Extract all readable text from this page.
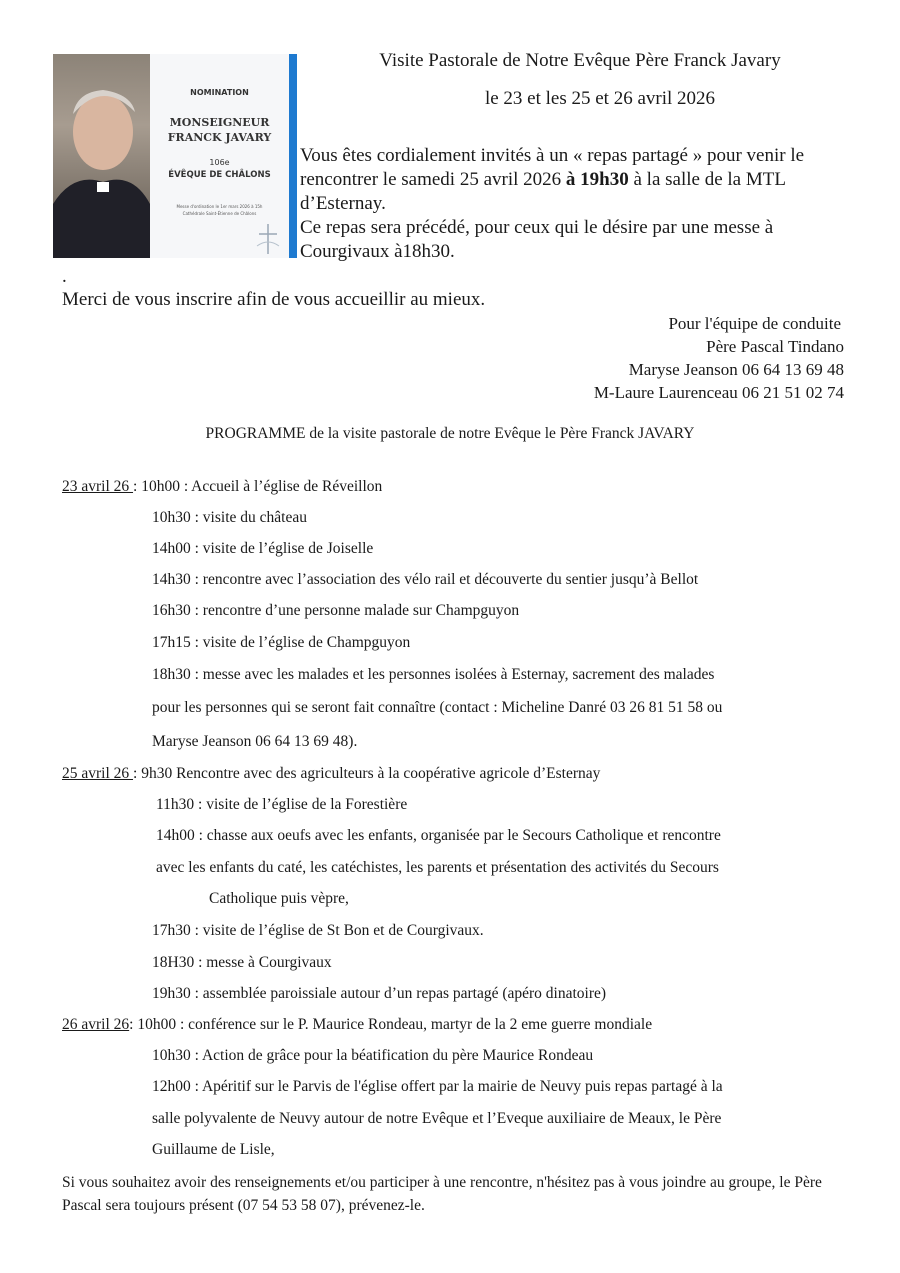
NOMINATION
MONSEIGNEUR
FRANCK JAVARY
106e
ÉVÊQUE DE CHÂLONS
Messe d'ordination le 1er mars 2026 à 15h
Cathédrale Saint-Étienne de Châlons
Visite Pastorale de Notre Evêque Père Franck Javary
le 23 et les 25 et 26 avril 2026
Vous êtes cordialement invités à un « repas partagé » pour venir le rencontrer le samedi 25 avril 2026 à 19h30 à la salle de la MTL d’Esternay.
Ce repas sera précédé, pour ceux qui le désire par une messe à Courgivaux à18h30.
.
Merci de vous inscrire afin de vous accueillir au mieux.
Pour l'équipe de conduite
Père Pascal Tindano
Maryse Jeanson 06 64 13 69 48
M-Laure Laurenceau 06 21 51 02 74
PROGRAMME de la visite pastorale de notre Evêque le Père Franck JAVARY
23 avril 26 : 10h00 : Accueil à l’église de Réveillon
10h30 : visite du château
14h00 : visite de l’église de Joiselle
14h30 : rencontre avec l’association des vélo rail et découverte du sentier jusqu’à Bellot
16h30 : rencontre d’une personne malade sur Champguyon
17h15 : visite de l’église de Champguyon
18h30 : messe avec les malades et les personnes isolées à Esternay, sacrement des malades
pour les personnes qui se seront fait connaître (contact : Micheline Danré 03 26 81 51 58 ou
Maryse Jeanson 06 64 13 69 48).
25 avril 26 : 9h30 Rencontre avec des agriculteurs à la coopérative agricole d’Esternay
11h30 : visite de l’église de la Forestière
14h00 : chasse aux oeufs avec les enfants, organisée par le Secours Catholique et rencontre
avec les enfants du caté, les catéchistes, les parents et présentation des activités du Secours
Catholique puis vèpre,
17h30 : visite de l’église de St Bon et de Courgivaux.
18H30 : messe à Courgivaux
19h30 : assemblée paroissiale autour d’un repas partagé (apéro dinatoire)
26 avril 26: 10h00 : conférence sur le P. Maurice Rondeau, martyr de la 2 eme guerre mondiale
10h30 : Action de grâce pour la béatification du père Maurice Rondeau
12h00 : Apéritif sur le Parvis de l'église offert par la mairie de Neuvy puis repas partagé à la
salle polyvalente de Neuvy autour de notre Evêque et l’Eveque auxiliaire de Meaux, le Père
Guillaume de Lisle,
Si vous souhaitez avoir des renseignements et/ou participer à une rencontre, n'hésitez pas à vous joindre au groupe, le Père Pascal sera toujours présent (07 54 53 58 07), prévenez-le.
